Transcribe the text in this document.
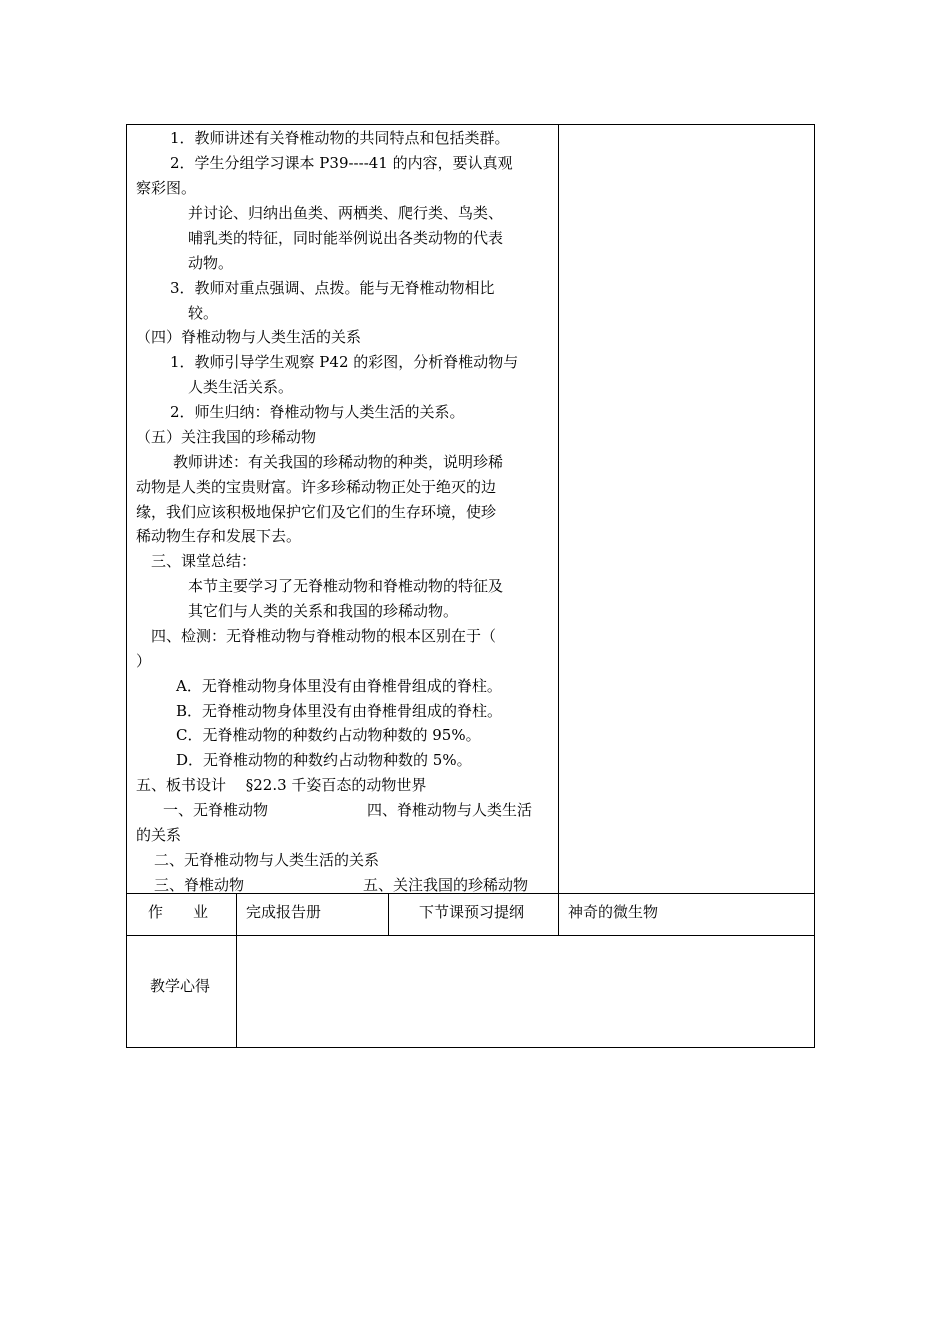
1．教师讲述有关脊椎动物的共同特点和包括类群。
2．学生分组学习课本 P39----41 的内容，要认真观
察彩图。
并讨论、归纳出鱼类、两栖类、爬行类、鸟类、
哺乳类的特征，同时能举例说出各类动物的代表
动物。
3．教师对重点强调、点拨。能与无脊椎动物相比
较。
（四）脊椎动物与人类生活的关系
1．教师引导学生观察 P42 的彩图，分析脊椎动物与
人类生活关系。
2．师生归纳：脊椎动物与人类生活的关系。
（五）关注我国的珍稀动物
教师讲述：有关我国的珍稀动物的种类，说明珍稀
动物是人类的宝贵财富。许多珍稀动物正处于绝灭的边
缘，我们应该积极地保护它们及它们的生存环境，使珍
稀动物生存和发展下去。
三、课堂总结：
本节主要学习了无脊椎动物和脊椎动物的特征及
其它们与人类的关系和我国的珍稀动物。
四、检测：无脊椎动物与脊椎动物的根本区别在于（
）
A．无脊椎动物身体里没有由脊椎骨组成的脊柱。
B．无脊椎动物身体里没有由脊椎骨组成的脊柱。
C．无脊椎动物的种数约占动物种数的 95%。
D．无脊椎动物的种数约占动物种数的 5%。
五、板书设计　 §22.3 千姿百态的动物世界
一、无脊椎动物	四、脊椎动物与人类生活
的关系
二、无脊椎动物与人类生活的关系
三、脊椎动物	五、关注我国的珍稀动物
作　　业	完成报告册	下节课预习提纲	神奇的微生物
教学心得
